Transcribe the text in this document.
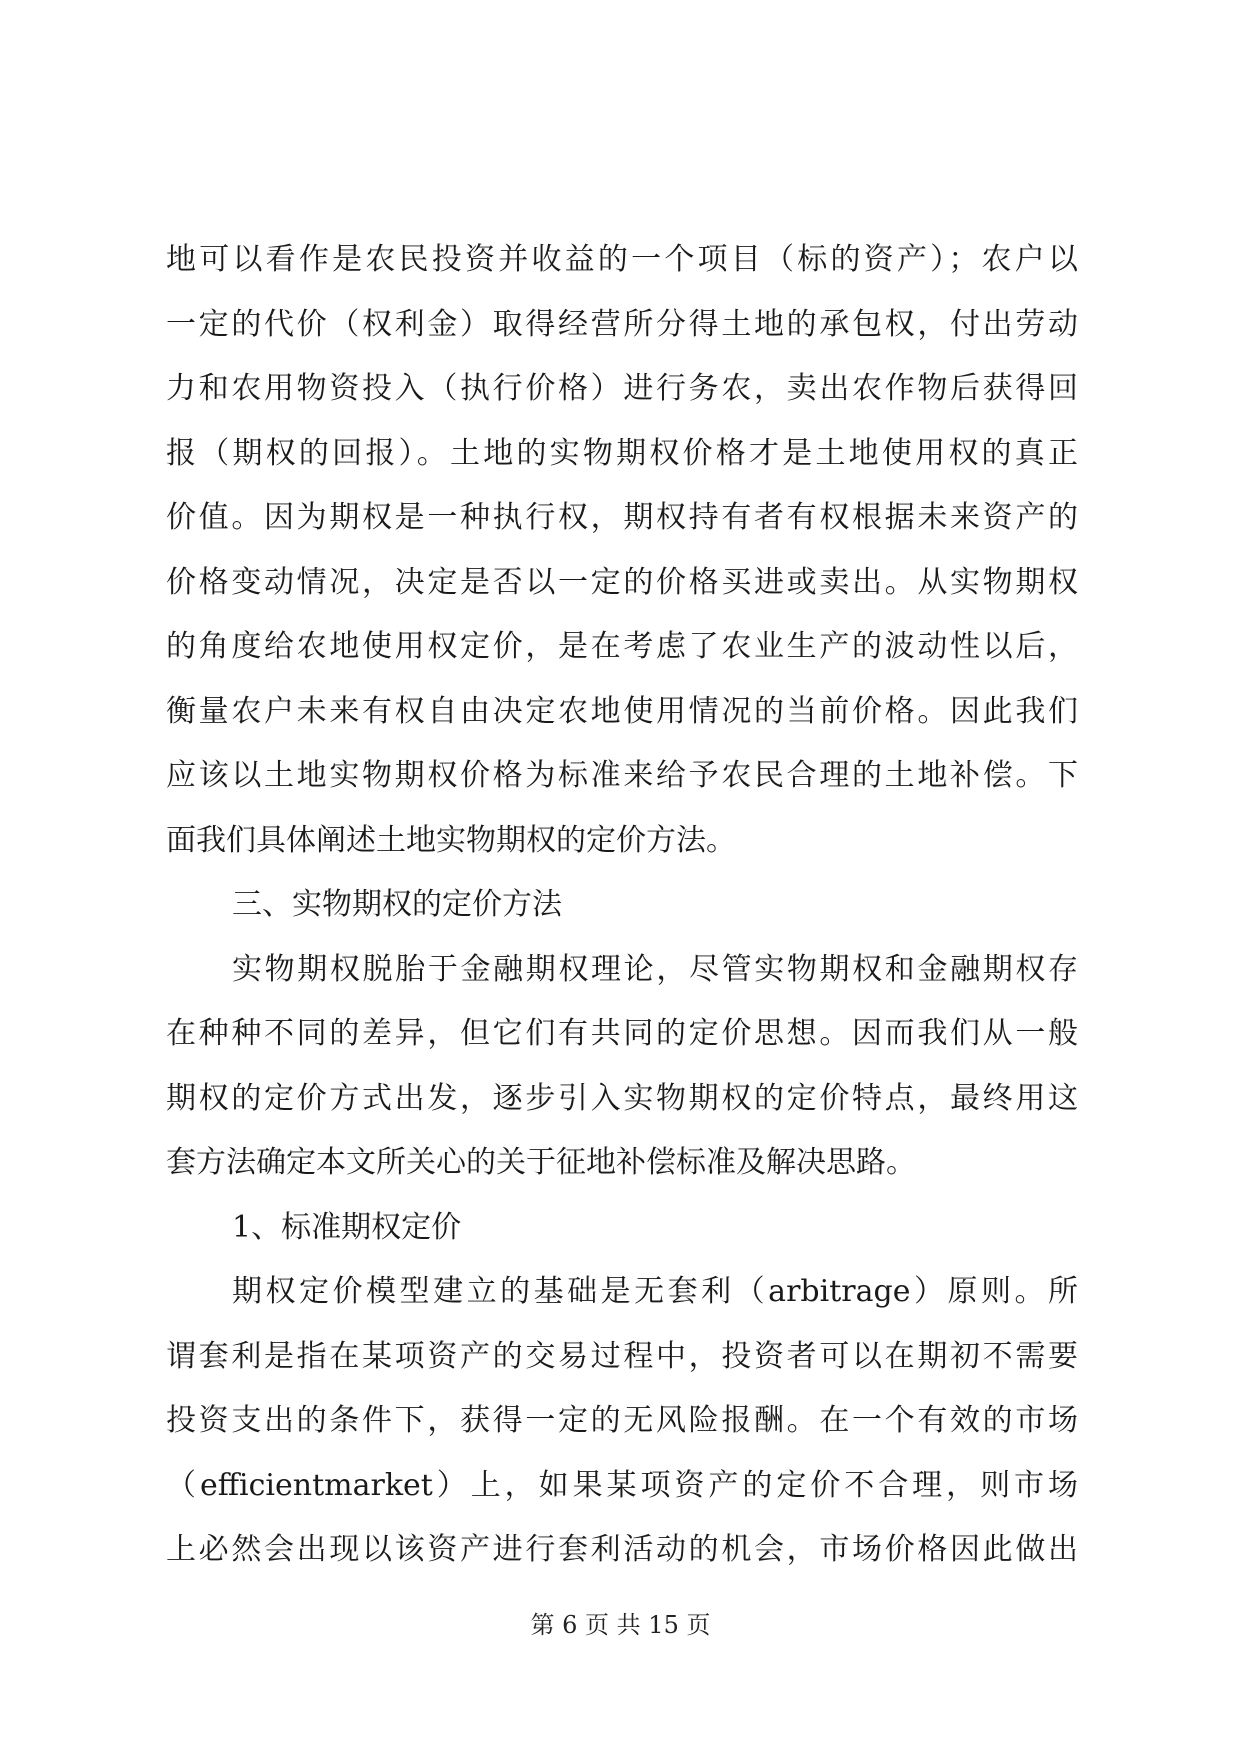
地可以看作是农民投资并收益的一个项目（标的资产）；农户以
一定的代价（权利金）取得经营所分得土地的承包权，付出劳动
力和农用物资投入（执行价格）进行务农，卖出农作物后获得回
报（期权的回报）。土地的实物期权价格才是土地使用权的真正
价值。因为期权是一种执行权，期权持有者有权根据未来资产的
价格变动情况，决定是否以一定的价格买进或卖出。从实物期权
的角度给农地使用权定价，是在考虑了农业生产的波动性以后，
衡量农户未来有权自由决定农地使用情况的当前价格。因此我们
应该以土地实物期权价格为标准来给予农民合理的土地补偿。下
面我们具体阐述土地实物期权的定价方法。
三、实物期权的定价方法
实物期权脱胎于金融期权理论，尽管实物期权和金融期权存
在种种不同的差异，但它们有共同的定价思想。因而我们从一般
期权的定价方式出发，逐步引入实物期权的定价特点，最终用这
套方法确定本文所关心的关于征地补偿标准及解决思路。
1、标准期权定价
期权定价模型建立的基础是无套利（arbitrage）原则。所
谓套利是指在某项资产的交易过程中，投资者可以在期初不需要
投资支出的条件下，获得一定的无风险报酬。在一个有效的市场
（efficientmarket）上，如果某项资产的定价不合理，则市场
上必然会出现以该资产进行套利活动的机会，市场价格因此做出
第 6 页 共 15 页
